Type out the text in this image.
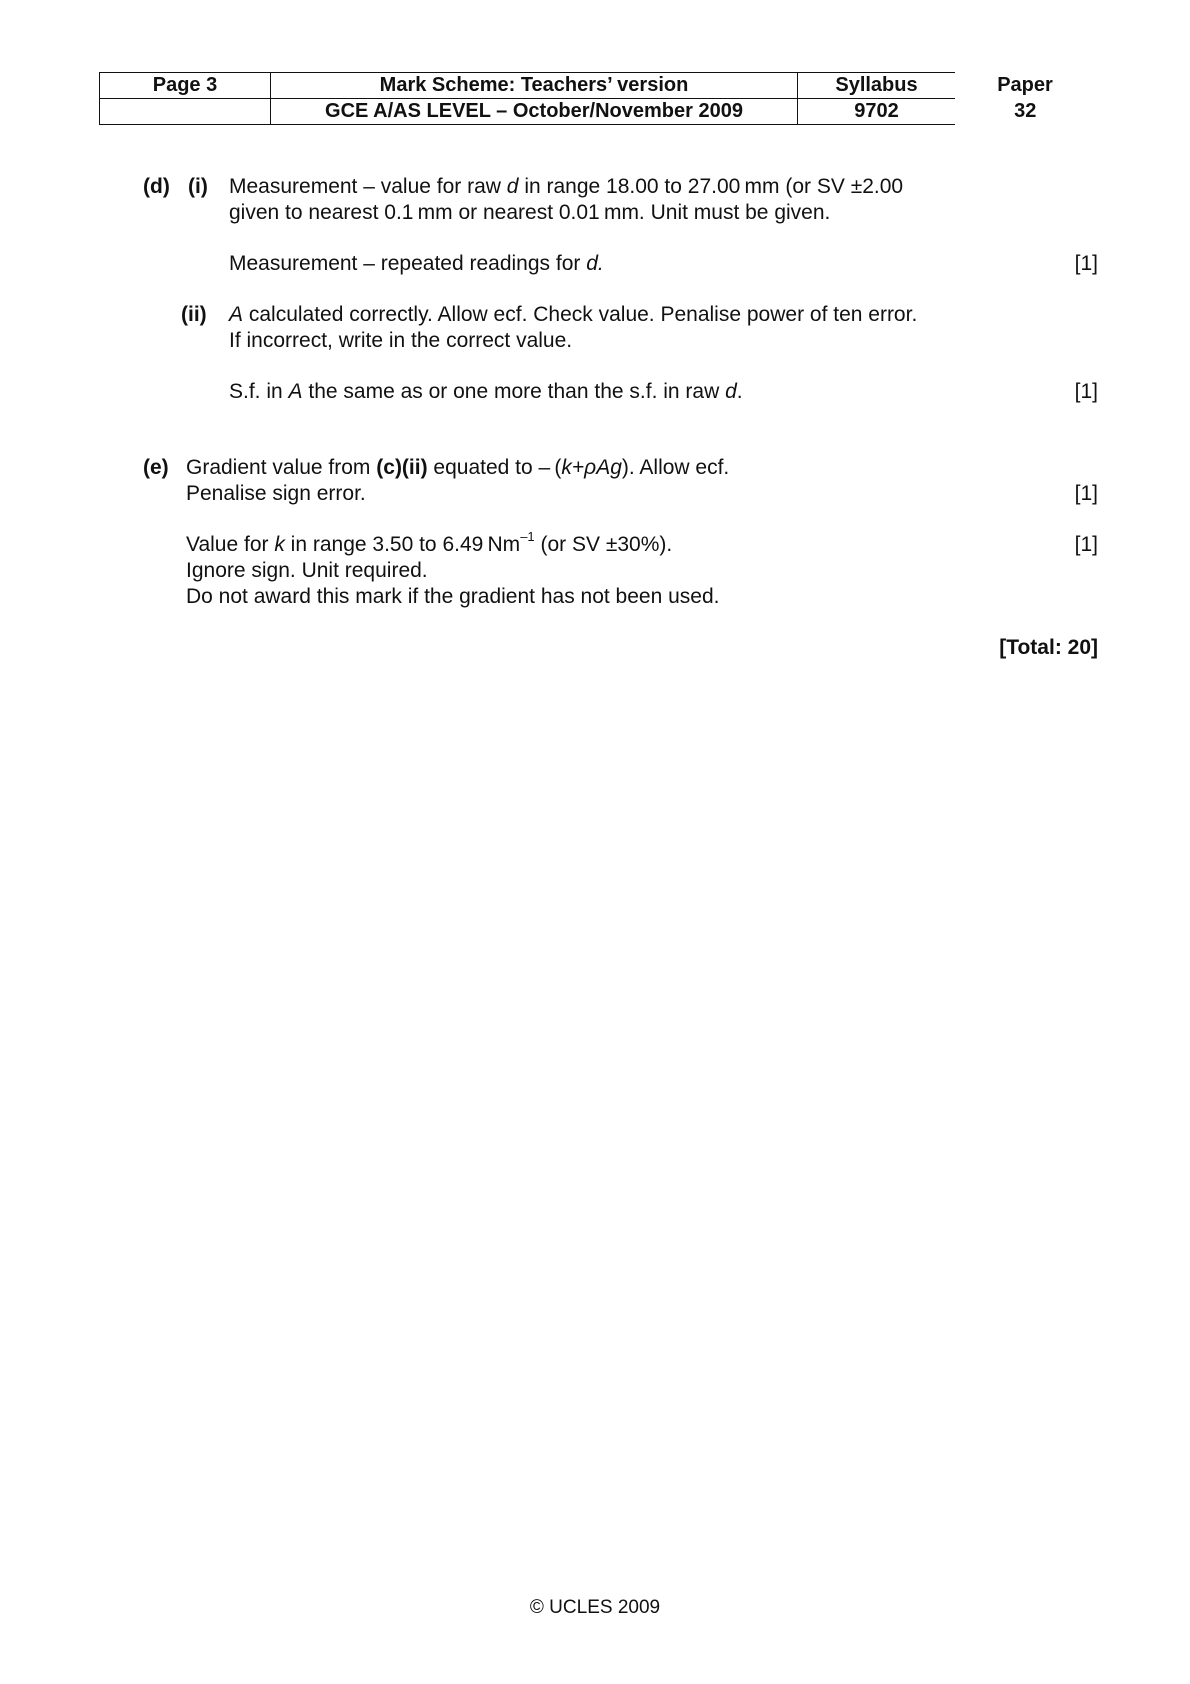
Page 3	Mark Scheme: Teachers’ version	Syllabus	Paper
	GCE A/AS LEVEL – October/November 2009	9702	32
(d) (i) Measurement – value for raw d in range 18.00 to 27.00 mm (or SV ±2.00
given to nearest 0.1 mm or nearest 0.01 mm. Unit must be given.
Measurement – repeated readings for d.	[1]
(ii) A calculated correctly. Allow ecf. Check value. Penalise power of ten error.
If incorrect, write in the correct value.
S.f. in A the same as or one more than the s.f. in raw d.	[1]
(e) Gradient value from (c)(ii) equated to – (k+ρAg). Allow ecf.
Penalise sign error.	[1]
Value for k in range 3.50 to 6.49 $Nm^{-1}$ (or SV ±30%).	[1]
Ignore sign. Unit required.
Do not award this mark if the gradient has not been used.
[Total: 20]
© UCLES 2009
